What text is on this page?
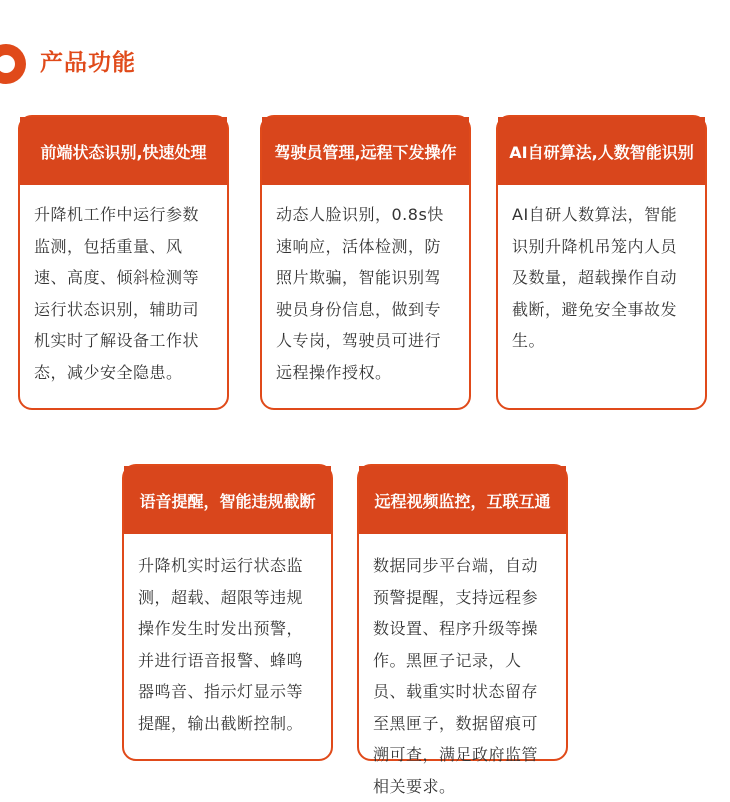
产品功能
前端状态识别,快速处理
升降机工作中运行参数监测，包括重量、风速、高度、倾斜检测等运行状态识别，辅助司机实时了解设备工作状态，减少安全隐患。
驾驶员管理,远程下发操作
动态人脸识别，0.8s快速响应，活体检测，防照片欺骗，智能识别驾驶员身份信息，做到专人专岗，驾驶员可进行远程操作授权。
AI自研算法,人数智能识别
AI自研人数算法，智能识别升降机吊笼内人员及数量，超载操作自动截断，避免安全事故发生。
语音提醒，智能违规截断
升降机实时运行状态监测，超载、超限等违规操作发生时发出预警，并进行语音报警、蜂鸣器鸣音、指示灯显示等提醒，输出截断控制。
远程视频监控，互联互通
数据同步平台端，自动预警提醒，支持远程参数设置、程序升级等操作。黑匣子记录，人员、载重实时状态留存至黑匣子，数据留痕可溯可查，满足政府监管相关要求。
